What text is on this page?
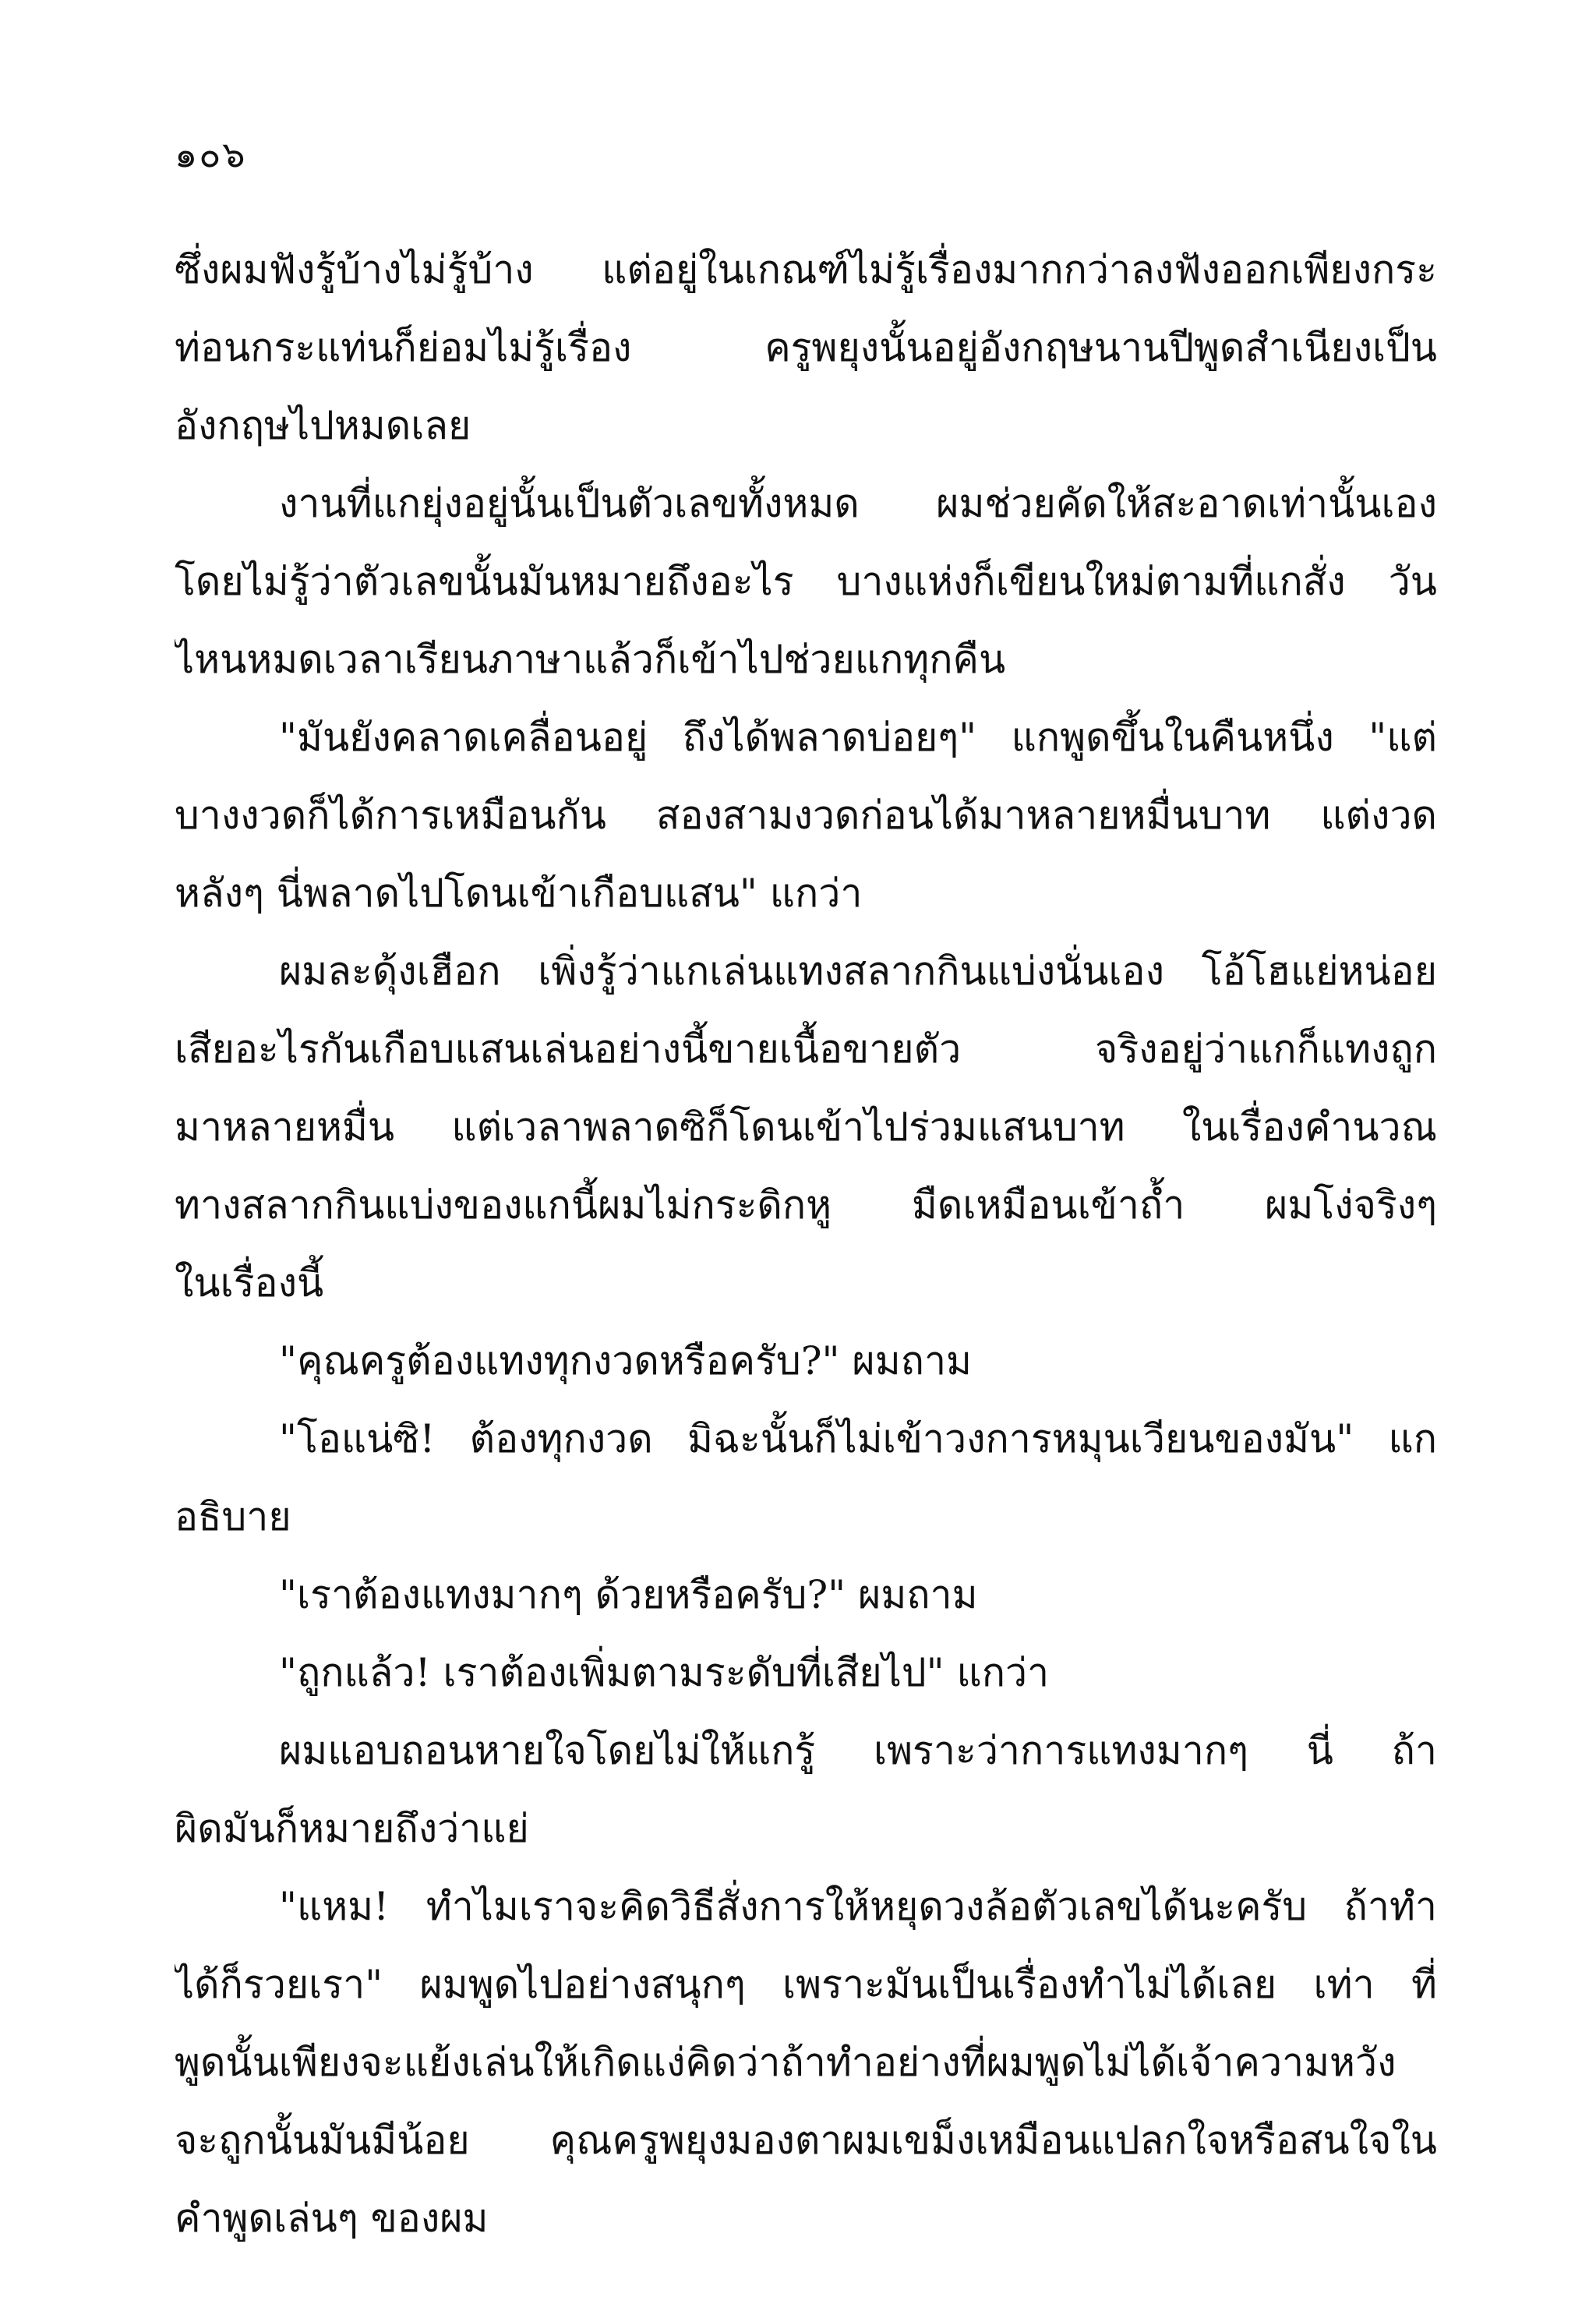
๑๐๖
ซึ่งผมฟังรู้บ้างไม่รู้บ้าง แต่อยู่ในเกณฑ์ไม่รู้เรื่องมากกว่าลงฟังออกเพียงกระ
ท่อนกระแท่นก็ย่อมไม่รู้เรื่อง ครูพยุงนั้นอยู่อังกฤษนานปีพูดสำเนียงเป็น
อังกฤษไปหมดเลย
งานที่แกยุ่งอยู่นั้นเป็นตัวเลขทั้งหมด ผมช่วยคัดให้สะอาดเท่านั้นเอง
โดยไม่รู้ว่าตัวเลขนั้นมันหมายถึงอะไร บางแห่งก็เขียนใหม่ตามที่แกสั่ง วัน
ไหนหมดเวลาเรียนภาษาแล้วก็เข้าไปช่วยแกทุกคืน
"มันยังคลาดเคลื่อนอยู่ ถึงได้พลาดบ่อยๆ" แกพูดขึ้นในคืนหนึ่ง "แต่
บางงวดก็ได้การเหมือนกัน สองสามงวดก่อนได้มาหลายหมื่นบาท แต่งวด
หลังๆ นี่พลาดไปโดนเข้าเกือบแสน" แกว่า
ผมละดุ้งเฮือก เพิ่งรู้ว่าแกเล่นแทงสลากกินแบ่งนั่นเอง โอ้โฮแย่หน่อย
เสียอะไรกันเกือบแสนเล่นอย่างนี้ขายเนื้อขายตัว จริงอยู่ว่าแกก็แทงถูก
มาหลายหมื่น แต่เวลาพลาดซิก็โดนเข้าไปร่วมแสนบาท ในเรื่องคำนวณ
ทางสลากกินแบ่งของแกนี้ผมไม่กระดิกหู มืดเหมือนเข้าถ้ำ ผมโง่จริงๆ
ในเรื่องนี้
"คุณครูต้องแทงทุกงวดหรือครับ?" ผมถาม
"โอแน่ซิ! ต้องทุกงวด มิฉะนั้นก็ไม่เข้าวงการหมุนเวียนของมัน" แก
อธิบาย
"เราต้องแทงมากๆ ด้วยหรือครับ?" ผมถาม
"ถูกแล้ว! เราต้องเพิ่มตามระดับที่เสียไป" แกว่า
ผมแอบถอนหายใจโดยไม่ให้แกรู้ เพราะว่าการแทงมากๆ นี่ ถ้า
ผิดมันก็หมายถึงว่าแย่
"แหม! ทำไมเราจะคิดวิธีสั่งการให้หยุดวงล้อตัวเลขได้นะครับ ถ้าทำ
ได้ก็รวยเรา" ผมพูดไปอย่างสนุกๆ เพราะมันเป็นเรื่องทำไม่ได้เลย เท่า ที่
พูดนั้นเพียงจะแย้งเล่นให้เกิดแง่คิดว่าถ้าทำอย่างที่ผมพูดไม่ได้เจ้าความหวัง
จะถูกนั้นมันมีน้อย คุณครูพยุงมองตาผมเขม็งเหมือนแปลกใจหรือสนใจใน
คำพูดเล่นๆ ของผม
